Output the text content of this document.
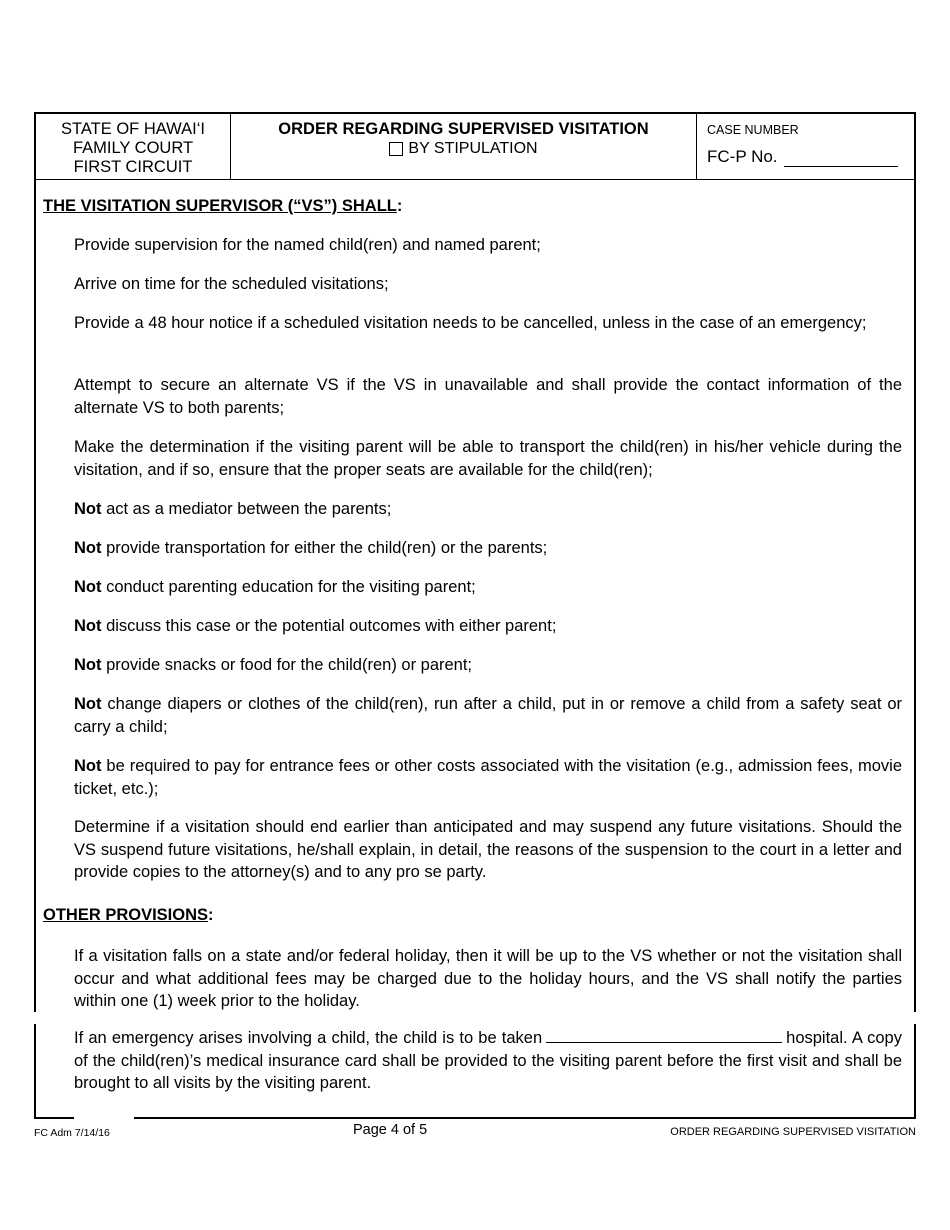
STATE OF HAWAI‘I
FAMILY COURT
FIRST CIRCUIT
ORDER REGARDING SUPERVISED VISITATION
BY STIPULATION
CASE NUMBER
FC-P No.
THE VISITATION SUPERVISOR (“VS”) SHALL:
Provide supervision for the named child(ren) and named parent;
Arrive on time for the scheduled visitations;
Provide a 48 hour notice if a scheduled visitation needs to be cancelled, unless in the case of an emergency;
Attempt to secure an alternate VS if the VS in unavailable and shall provide the contact information of the alternate VS to both parents;
Make the determination if the visiting parent will be able to transport the child(ren) in his/her vehicle during the visitation, and if so, ensure that the proper seats are available for the child(ren);
Not act as a mediator between the parents;
Not provide transportation for either the child(ren) or the parents;
Not conduct parenting education for the visiting parent;
Not discuss this case or the potential outcomes with either parent;
Not provide snacks or food for the child(ren) or parent;
Not change diapers or clothes of the child(ren), run after a child, put in or remove a child from a safety seat or carry a child;
Not be required to pay for entrance fees or other costs associated with the visitation (e.g., admission fees, movie ticket, etc.);
Determine if a visitation should end earlier than anticipated and may suspend any future visitations. Should the VS suspend future visitations, he/shall explain, in detail, the reasons of the suspension to the court in a letter and provide copies to the attorney(s) and to any pro se party.
OTHER PROVISIONS:
If a visitation falls on a state and/or federal holiday, then it will be up to the VS whether or not the visitation shall occur and what additional fees may be charged due to the holiday hours, and the VS shall notify the parties within one (1) week prior to the holiday.
If an emergency arises involving a child, the child is to be taken	hospital. A copy of the child(ren)’s medical insurance card shall be provided to the visiting parent before the first visit and shall be brought to all visits by the visiting parent.
FC Adm 7/14/16	Page 4 of 5	ORDER REGARDING SUPERVISED VISITATION
